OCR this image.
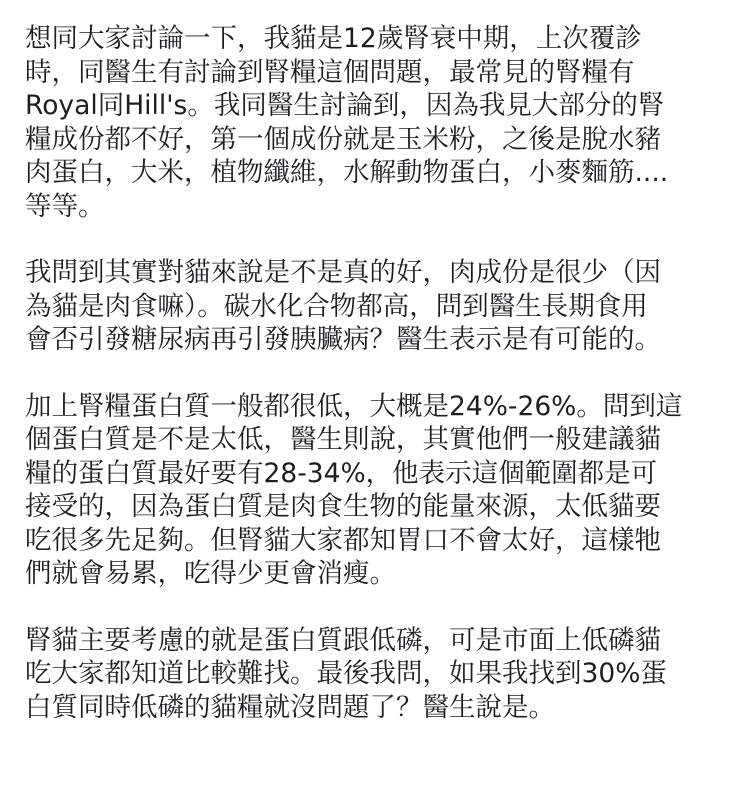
想同大家討論一下，我貓是12歲腎衰中期，上次覆診
時，同醫生有討論到腎糧這個問題，最常見的腎糧有
Royal同Hill's。我同醫生討論到，因為我見大部分的腎
糧成份都不好，第一個成份就是玉米粉，之後是脫水豬
肉蛋白，大米，植物纖維，水解動物蛋白，小麥麵筋....
等等。
我問到其實對貓來說是不是真的好，肉成份是很少（因
為貓是肉食嘛）。碳水化合物都高，問到醫生長期食用
會否引發糖尿病再引發胰臟病？醫生表示是有可能的。
加上腎糧蛋白質一般都很低，大概是24%-26%。問到這
個蛋白質是不是太低，醫生則說，其實他們一般建議貓
糧的蛋白質最好要有28-34%，他表示這個範圍都是可
接受的，因為蛋白質是肉食生物的能量來源，太低貓要
吃很多先足夠。但腎貓大家都知胃口不會太好，這樣牠
們就會易累，吃得少更會消瘦。
腎貓主要考慮的就是蛋白質跟低磷，可是市面上低磷貓
吃大家都知道比較難找。最後我問，如果我找到30%蛋
白質同時低磷的貓糧就沒問題了？醫生說是。
